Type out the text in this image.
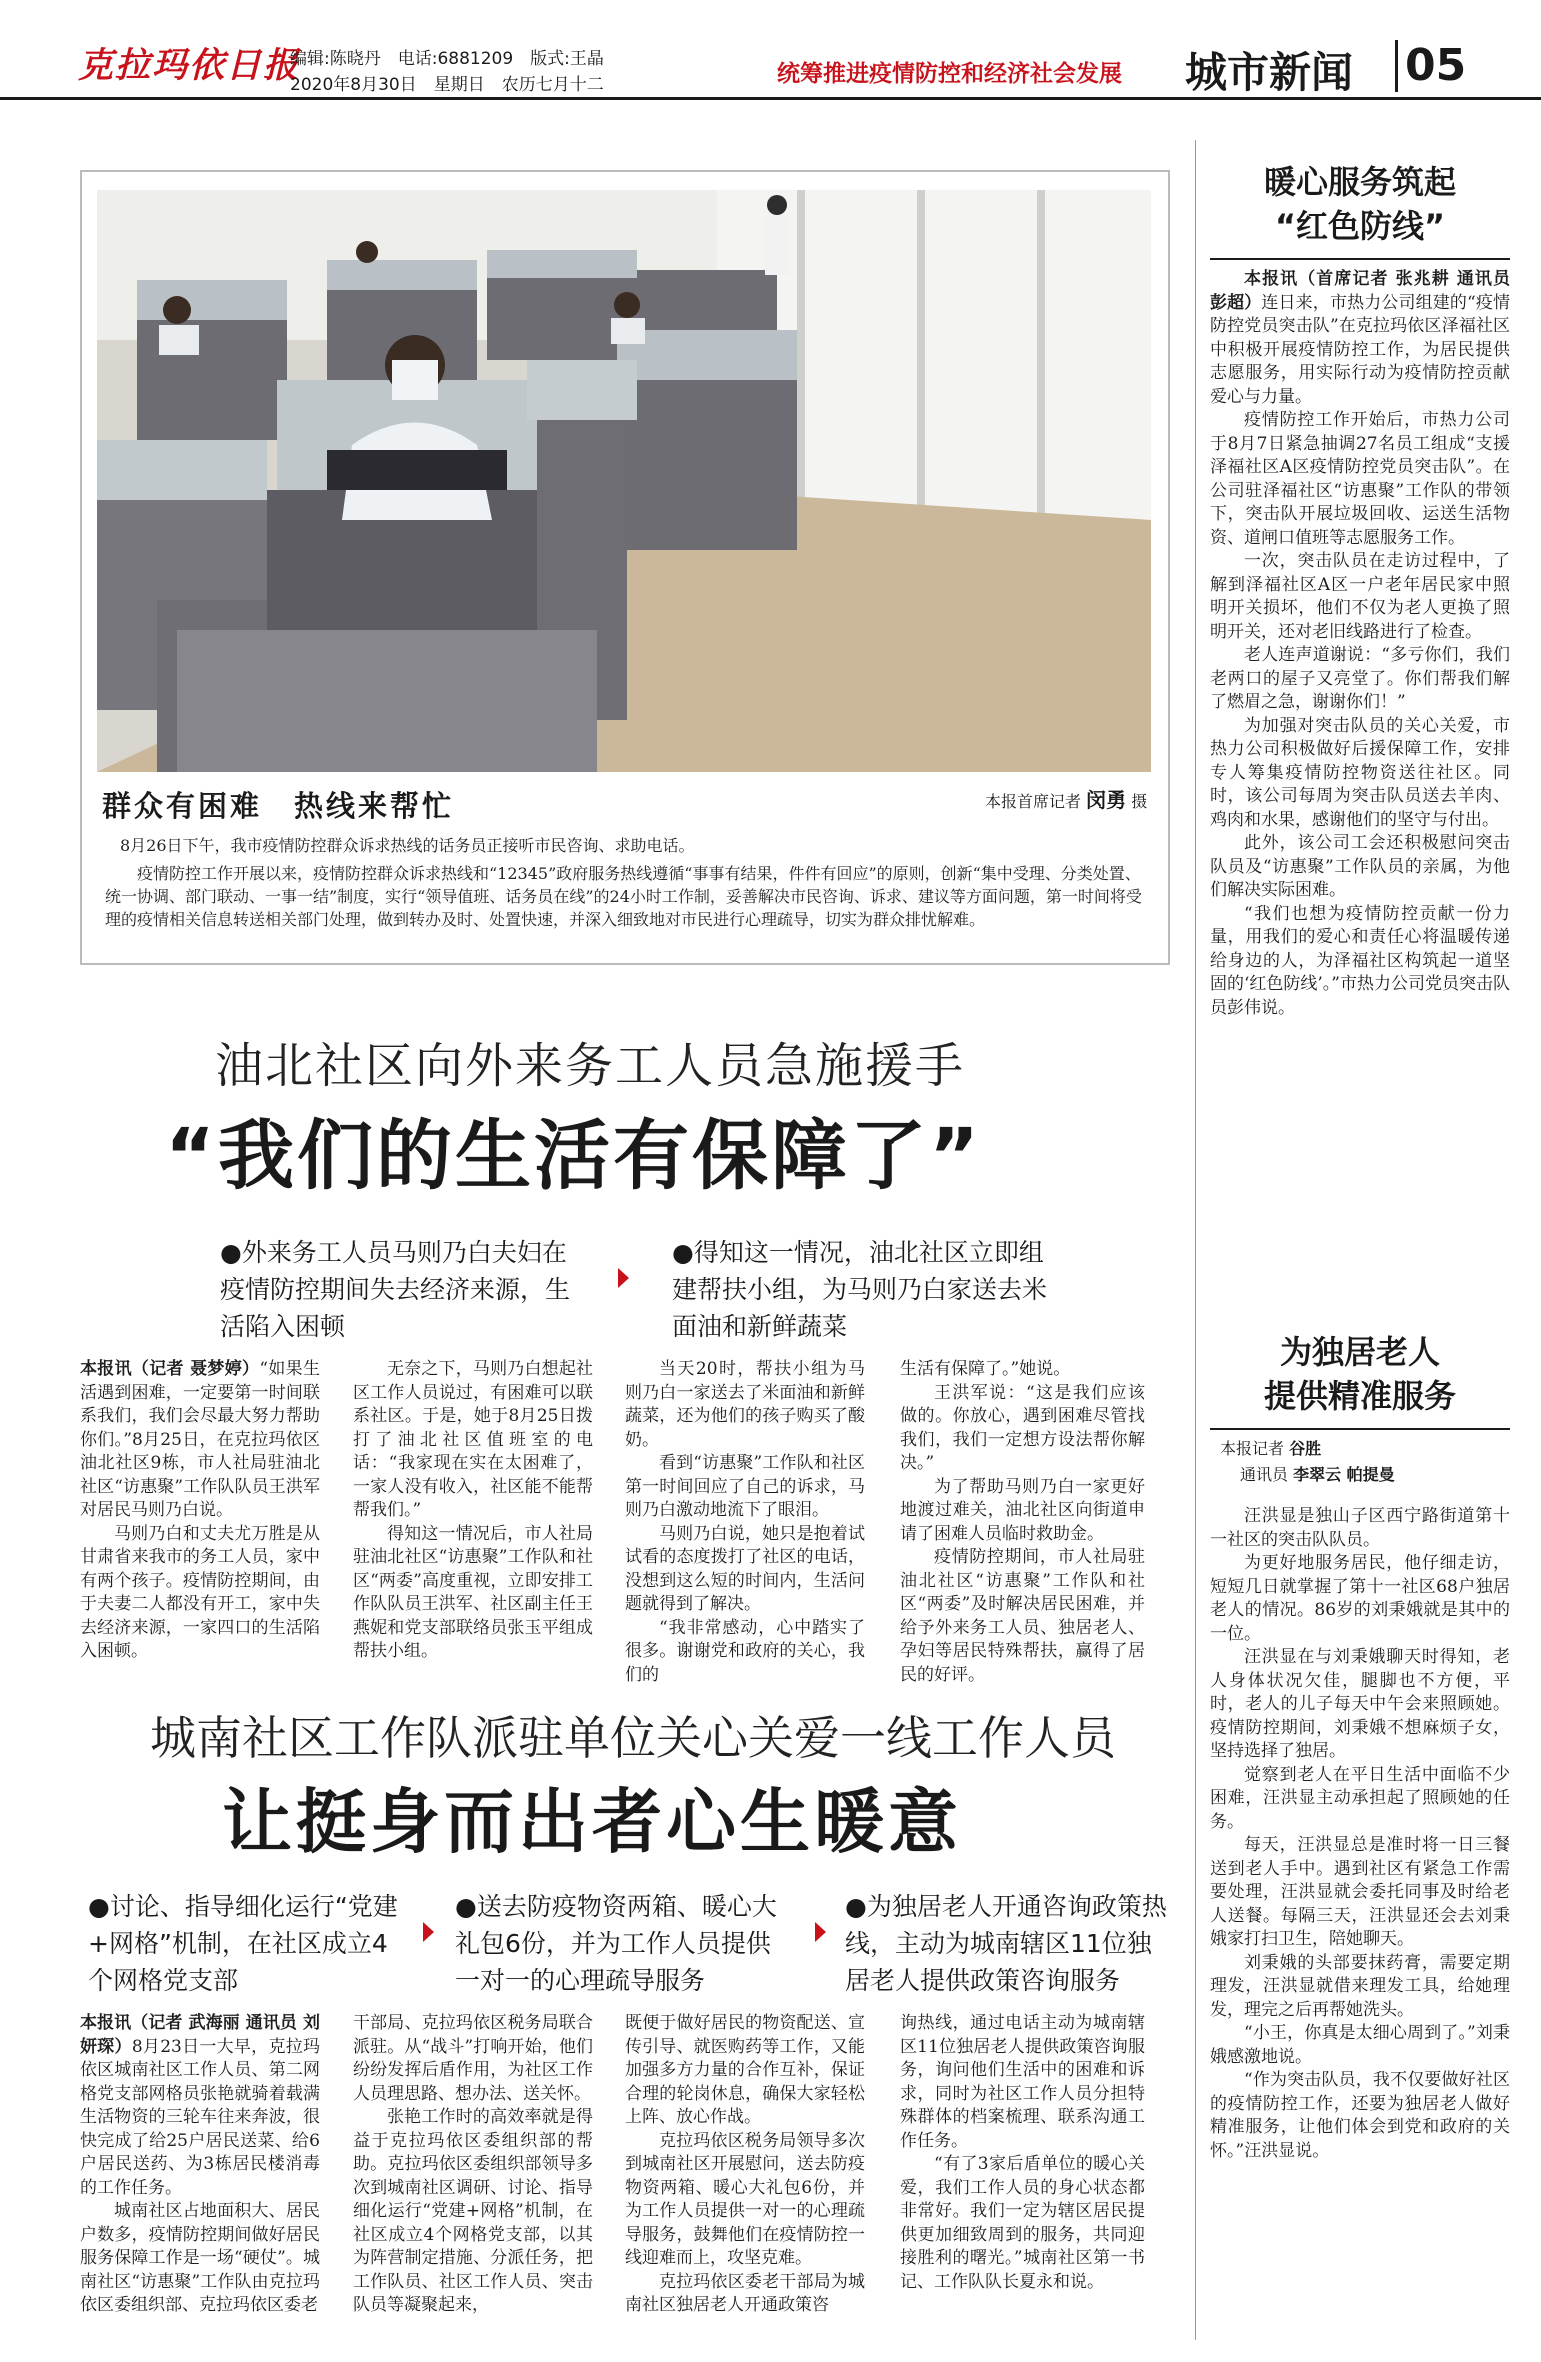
克拉玛依日报
编辑:陈晓丹　电话:6881209　版式:王晶
2020年8月30日　星期日　农历七月十二	统筹推进疫情防控和经济社会发展 城市新闻 05
群众有困难　热线来帮忙	本报首席记者 闵勇 摄
8月26日下午，我市疫情防控群众诉求热线的话务员正接听市民咨询、求助电话。
疫情防控工作开展以来，疫情防控群众诉求热线和“12345”政府服务热线遵循“事事有结果，件件有回应”的原则，创新“集中受理、分类处置、统一协调、部门联动、一事一结”制度，实行“领导值班、话务员在线”的24小时工作制，妥善解决市民咨询、诉求、建议等方面问题，第一时间将受理的疫情相关信息转送相关部门处理，做到转办及时、处置快速，并深入细致地对市民进行心理疏导，切实为群众排忧解难。
油北社区向外来务工人员急施援手
“我们的生活有保障了”
●外来务工人员马则乃白夫妇在疫情防控期间失去经济来源，生活陷入困顿
●得知这一情况，油北社区立即组建帮扶小组，为马则乃白家送去米面油和新鲜蔬菜

本报讯（记者 聂梦婷）“如果生活遇到困难，一定要第一时间联系我们，我们会尽最大努力帮助你们。”8月25日，在克拉玛依区油北社区9栋，市人社局驻油北社区“访惠聚”工作队队员王洪军对居民马则乃白说。

马则乃白和丈夫尤万胜是从甘肃省来我市的务工人员，家中有两个孩子。疫情防控期间，由于夫妻二人都没有开工，家中失去经济来源，一家四口的生活陷入困顿。

无奈之下，马则乃白想起社区工作人员说过，有困难可以联系社区。于是，她于8月25日拨打了油北社区值班室的电话：“我家现在实在太困难了，一家人没有收入，社区能不能帮帮我们。”

得知这一情况后，市人社局驻油北社区“访惠聚”工作队和社区“两委”高度重视，立即安排工作队队员王洪军、社区副主任王燕妮和党支部联络员张玉平组成帮扶小组。

当天20时，帮扶小组为马则乃白一家送去了米面油和新鲜蔬菜，还为他们的孩子购买了酸奶。

看到“访惠聚”工作队和社区第一时间回应了自己的诉求，马则乃白激动地流下了眼泪。

马则乃白说，她只是抱着试试看的态度拨打了社区的电话，没想到这么短的时间内，生活问题就得到了解决。

“我非常感动，心中踏实了很多。谢谢党和政府的关心，我们的

生活有保障了。”她说。

王洪军说：“这是我们应该做的。你放心，遇到困难尽管找我们，我们一定想方设法帮你解决。”

为了帮助马则乃白一家更好地渡过难关，油北社区向街道申请了困难人员临时救助金。

疫情防控期间，市人社局驻油北社区“访惠聚”工作队和社区“两委”及时解决居民困难，并给予外来务工人员、独居老人、孕妇等居民特殊帮扶，赢得了居民的好评。

城南社区工作队派驻单位关心关爱一线工作人员
让挺身而出者心生暖意
●讨论、指导细化运行“党建+网格”机制，在社区成立4个网格党支部
●送去防疫物资两箱、暖心大礼包6份，并为工作人员提供一对一的心理疏导服务
●为独居老人开通咨询政策热线，主动为城南辖区11位独居老人提供政策咨询服务

本报讯（记者 武海丽 通讯员 刘妍琛）8月23日一大早，克拉玛依区城南社区工作人员、第二网格党支部网格员张艳就骑着载满生活物资的三轮车往来奔波，很快完成了给25户居民送菜、给6户居民送药、为3栋居民楼消毒的工作任务。

城南社区占地面积大、居民户数多，疫情防控期间做好居民服务保障工作是一场“硬仗”。城南社区“访惠聚”工作队由克拉玛依区委组织部、克拉玛依区委老

干部局、克拉玛依区税务局联合派驻。从“战斗”打响开始，他们纷纷发挥后盾作用，为社区工作人员理思路、想办法、送关怀。

张艳工作时的高效率就是得益于克拉玛依区委组织部的帮助。克拉玛依区委组织部领导多次到城南社区调研、讨论、指导细化运行“党建+网格”机制，在社区成立4个网格党支部，以其为阵营制定措施、分派任务，把工作队员、社区工作人员、突击队员等凝聚起来，

既便于做好居民的物资配送、宣传引导、就医购药等工作，又能加强多方力量的合作互补，保证合理的轮岗休息，确保大家轻松上阵、放心作战。

克拉玛依区税务局领导多次到城南社区开展慰问，送去防疫物资两箱、暖心大礼包6份，并为工作人员提供一对一的心理疏导服务，鼓舞他们在疫情防控一线迎难而上，攻坚克难。

克拉玛依区委老干部局为城南社区独居老人开通政策咨

询热线，通过电话主动为城南辖区11位独居老人提供政策咨询服务，询问他们生活中的困难和诉求，同时为社区工作人员分担特殊群体的档案梳理、联系沟通工作任务。

“有了3家后盾单位的暖心关爱，我们工作人员的身心状态都非常好。我们一定为辖区居民提供更加细致周到的服务，共同迎接胜利的曙光。”城南社区第一书记、工作队队长夏永和说。

暖心服务筑起
“红色防线”

本报讯（首席记者 张兆耕 通讯员 彭超）连日来，市热力公司组建的“疫情防控党员突击队”在克拉玛依区泽福社区中积极开展疫情防控工作，为居民提供志愿服务，用实际行动为疫情防控贡献爱心与力量。

疫情防控工作开始后，市热力公司于8月7日紧急抽调27名员工组成“支援泽福社区A区疫情防控党员突击队”。在公司驻泽福社区“访惠聚”工作队的带领下，突击队开展垃圾回收、运送生活物资、道闸口值班等志愿服务工作。

一次，突击队员在走访过程中，了解到泽福社区A区一户老年居民家中照明开关损坏，他们不仅为老人更换了照明开关，还对老旧线路进行了检查。

老人连声道谢说：“多亏你们，我们老两口的屋子又亮堂了。你们帮我们解了燃眉之急，谢谢你们！”

为加强对突击队员的关心关爱，市热力公司积极做好后援保障工作，安排专人筹集疫情防控物资送往社区。同时，该公司每周为突击队员送去羊肉、鸡肉和水果，感谢他们的坚守与付出。

此外，该公司工会还积极慰问突击队员及“访惠聚”工作队员的亲属，为他们解决实际困难。

“我们也想为疫情防控贡献一份力量，用我们的爱心和责任心将温暖传递给身边的人，为泽福社区构筑起一道坚固的‘红色防线’。”市热力公司党员突击队员彭伟说。

为独居老人
提供精准服务
本报记者 谷胜
通讯员 李翠云 帕提曼

汪洪显是独山子区西宁路街道第十一社区的突击队队员。

为更好地服务居民，他仔细走访，短短几日就掌握了第十一社区68户独居老人的情况。86岁的刘秉娥就是其中的一位。

汪洪显在与刘秉娥聊天时得知，老人身体状况欠佳，腿脚也不方便，平时，老人的儿子每天中午会来照顾她。疫情防控期间，刘秉娥不想麻烦子女，坚持选择了独居。

觉察到老人在平日生活中面临不少困难，汪洪显主动承担起了照顾她的任务。

每天，汪洪显总是准时将一日三餐送到老人手中。遇到社区有紧急工作需要处理，汪洪显就会委托同事及时给老人送餐。每隔三天，汪洪显还会去刘秉娥家打扫卫生，陪她聊天。

刘秉娥的头部要抹药膏，需要定期理发，汪洪显就借来理发工具，给她理发，理完之后再帮她洗头。

“小王，你真是太细心周到了。”刘秉娥感激地说。

“作为突击队员，我不仅要做好社区的疫情防控工作，还要为独居老人做好精准服务，让他们体会到党和政府的关怀。”汪洪显说。
